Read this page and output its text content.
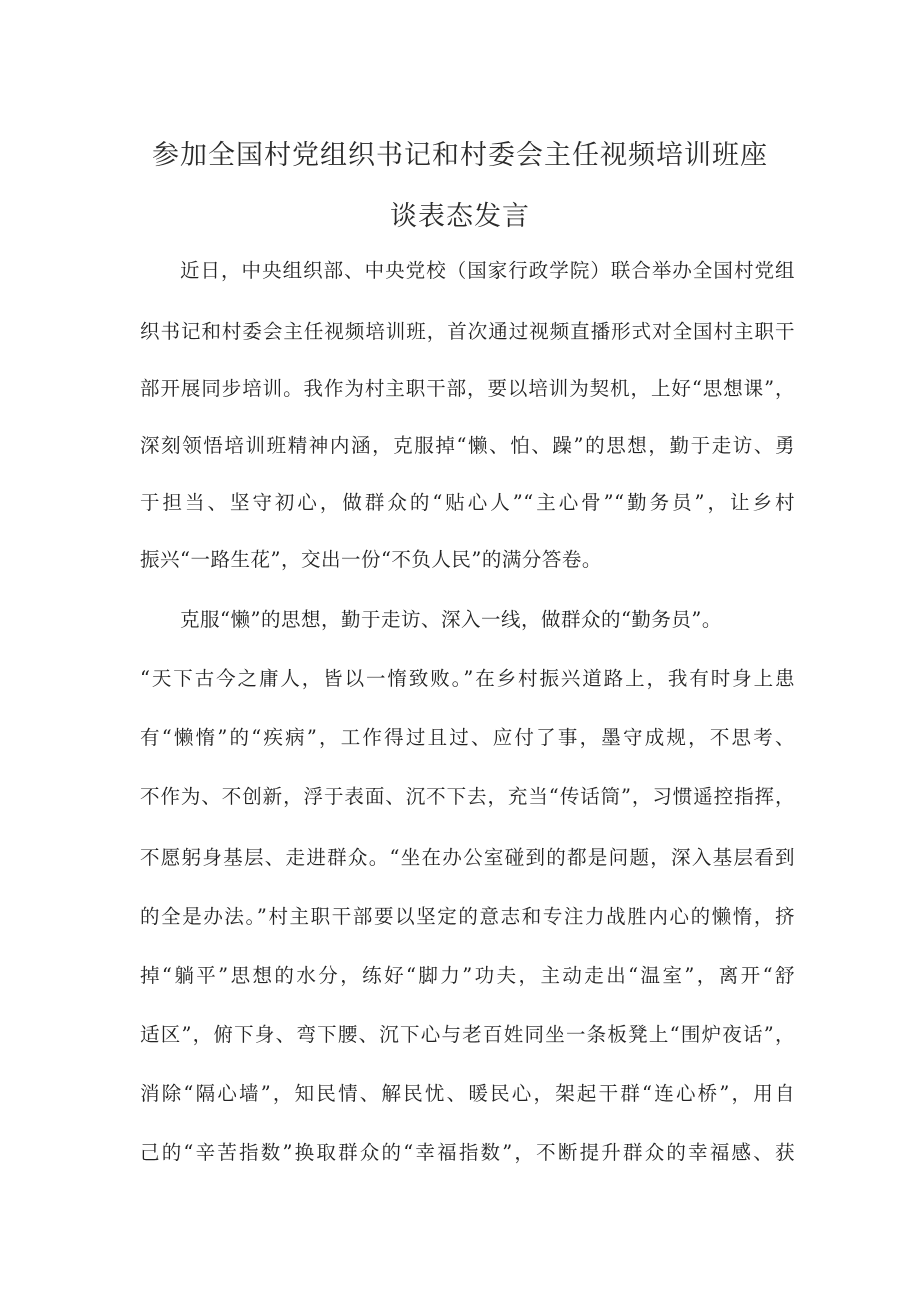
参加全国村党组织书记和村委会主任视频培训班座
谈表态发言
近日，中央组织部、中央党校（国家行政学院）联合举办全国村党组
织书记和村委会主任视频培训班，首次通过视频直播形式对全国村主职干
部开展同步培训。我作为村主职干部，要以培训为契机，上好“思想课”，
深刻领悟培训班精神内涵，克服掉“懒、怕、躁”的思想，勤于走访、勇
于担当、坚守初心，做群众的“贴心人”“主心骨”“勤务员”，让乡村
振兴“一路生花”，交出一份“不负人民”的满分答卷。
克服“懒”的思想，勤于走访、深入一线，做群众的“勤务员”。
“天下古今之庸人，皆以一惰致败。”在乡村振兴道路上，我有时身上患
有“懒惰”的“疾病”，工作得过且过、应付了事，墨守成规，不思考、
不作为、不创新，浮于表面、沉不下去，充当“传话筒”，习惯遥控指挥，
不愿躬身基层、走进群众。“坐在办公室碰到的都是问题，深入基层看到
的全是办法。”村主职干部要以坚定的意志和专注力战胜内心的懒惰，挤
掉“躺平”思想的水分，练好“脚力”功夫，主动走出“温室”，离开“舒
适区”，俯下身、弯下腰、沉下心与老百姓同坐一条板凳上“围炉夜话”，
消除“隔心墙”，知民情、解民忧、暖民心，架起干群“连心桥”，用自
己的“辛苦指数”换取群众的“幸福指数”，不断提升群众的幸福感、获
